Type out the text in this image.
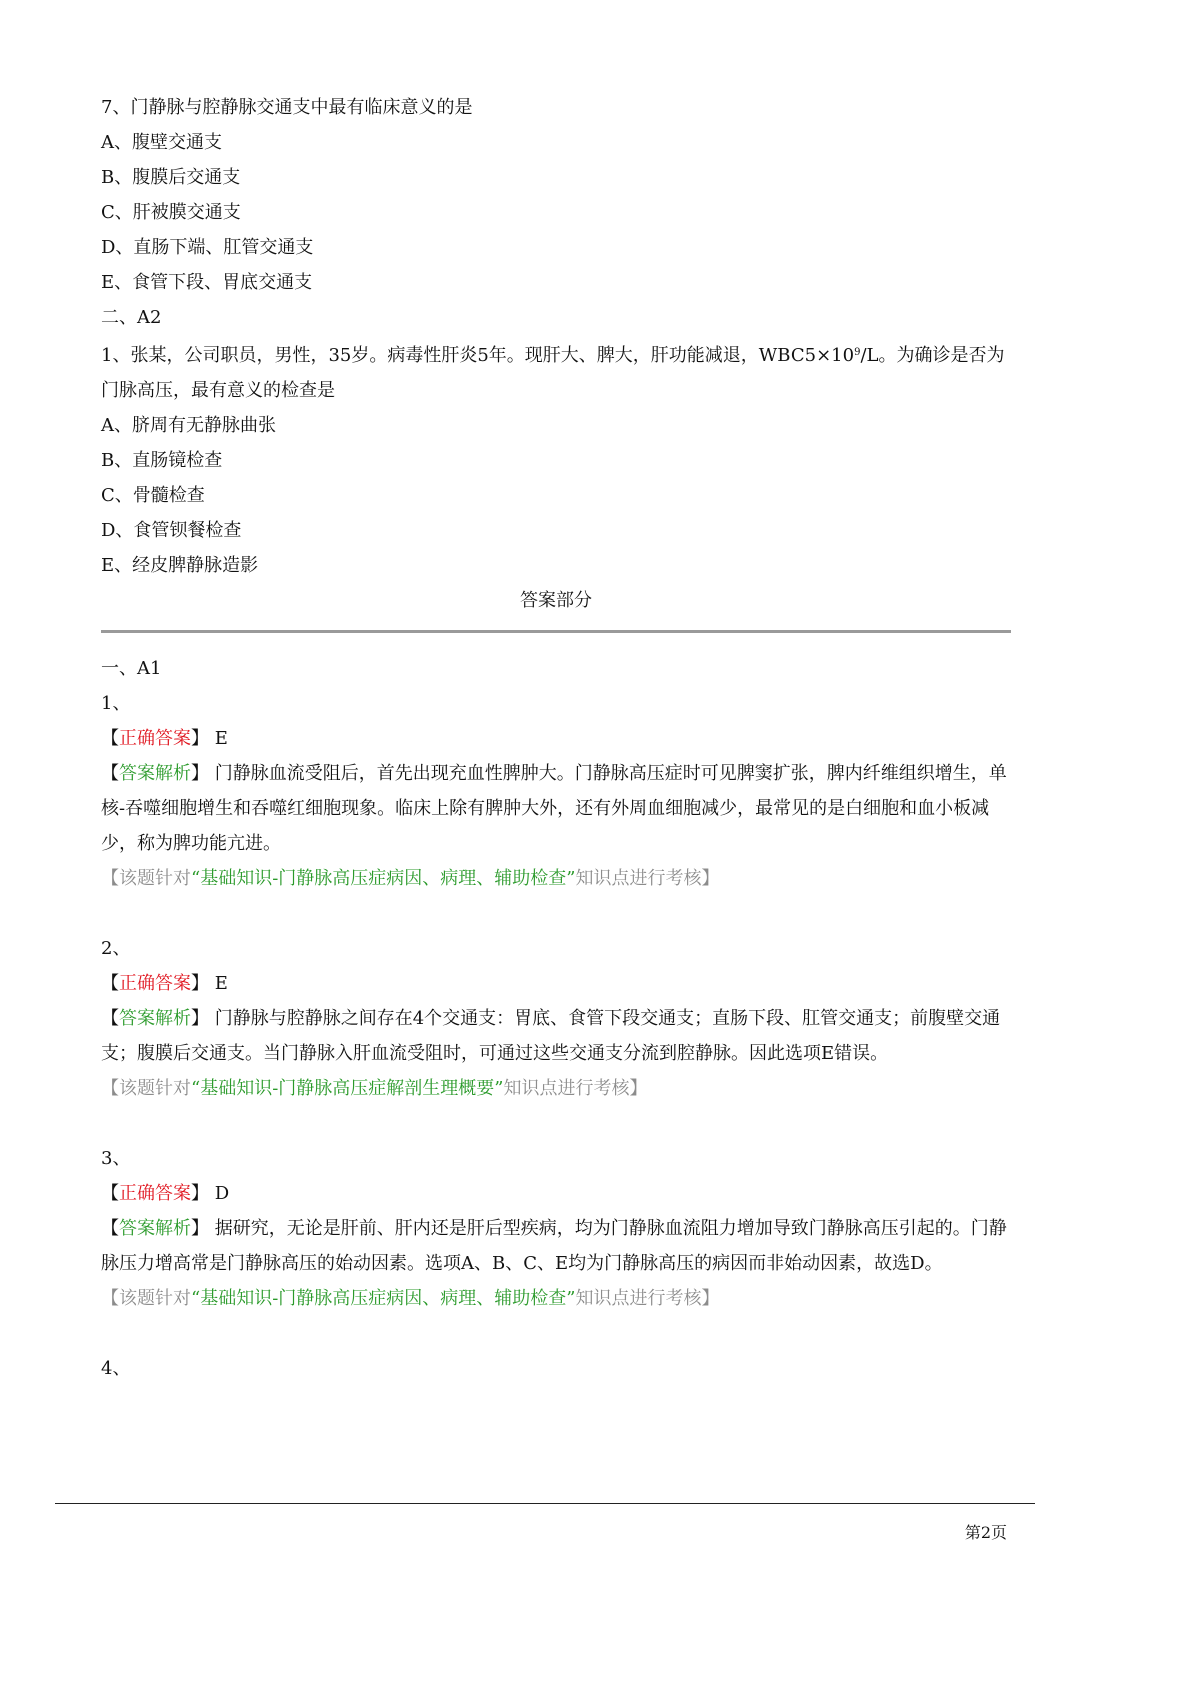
7、门静脉与腔静脉交通支中最有临床意义的是
A、腹壁交通支
B、腹膜后交通支
C、肝被膜交通支
D、直肠下端、肛管交通支
E、食管下段、胃底交通支
二、A2
1、张某，公司职员，男性，35岁。病毒性肝炎5年。现肝大、脾大，肝功能减退，$WBC5\times 10^9/L$。为确诊是否为门脉高压，最有意义的检查是
A、脐周有无静脉曲张
B、直肠镜检查
C、骨髓检查
D、食管钡餐检查
E、经皮脾静脉造影
答案部分
一、A1
1、
【正确答案】 E
【答案解析】 门静脉血流受阻后，首先出现充血性脾肿大。门静脉高压症时可见脾窦扩张，脾内纤维组织增生，单核-吞噬细胞增生和吞噬红细胞现象。临床上除有脾肿大外，还有外周血细胞减少，最常见的是白细胞和血小板减少，称为脾功能亢进。
【该题针对“基础知识-门静脉高压症病因、病理、辅助检查”知识点进行考核】
2、
【正确答案】 E
【答案解析】 门静脉与腔静脉之间存在4个交通支：胃底、食管下段交通支；直肠下段、肛管交通支；前腹壁交通支；腹膜后交通支。当门静脉入肝血流受阻时，可通过这些交通支分流到腔静脉。因此选项E错误。
【该题针对“基础知识-门静脉高压症解剖生理概要”知识点进行考核】
3、
【正确答案】 D
【答案解析】 据研究，无论是肝前、肝内还是肝后型疾病，均为门静脉血流阻力增加导致门静脉高压引起的。门静脉压力增高常是门静脉高压的始动因素。选项A、B、C、E均为门静脉高压的病因而非始动因素，故选D。
【该题针对“基础知识-门静脉高压症病因、病理、辅助检查”知识点进行考核】
4、
第2页
